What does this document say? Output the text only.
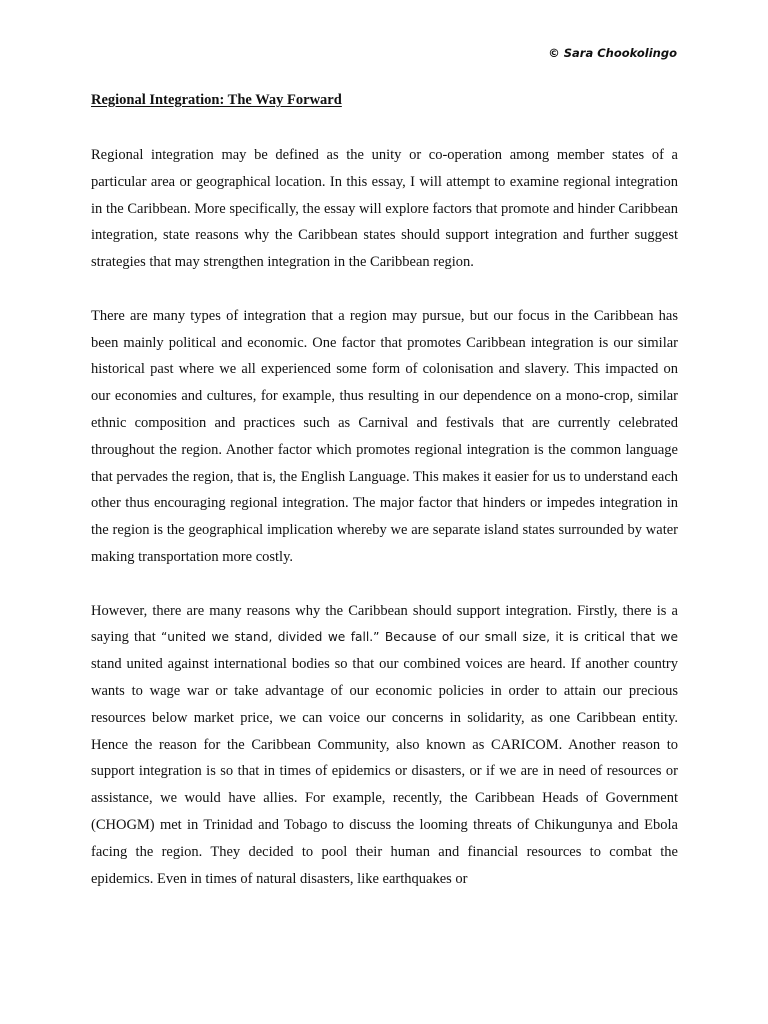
© Sara Chookolingo
Regional Integration: The Way Forward

Regional integration may be defined as the unity or co-operation among member states of a particular area or geographical location. In this essay, I will attempt to examine regional integration in the Caribbean. More specifically, the essay will explore factors that promote and hinder Caribbean integration, state reasons why the Caribbean states should support integration and further suggest strategies that may strengthen integration in the Caribbean region.

There are many types of integration that a region may pursue, but our focus in the Caribbean has been mainly political and economic. One factor that promotes Caribbean integration is our similar historical past where we all experienced some form of colonisation and slavery. This impacted on our economies and cultures, for example, thus resulting in our dependence on a mono-crop, similar ethnic composition and practices such as Carnival and festivals that are currently celebrated throughout the region. Another factor which promotes regional integration is the common language that pervades the region, that is, the English Language. This makes it easier for us to understand each other thus encouraging regional integration. The major factor that hinders or impedes integration in the region is the geographical implication whereby we are separate island states surrounded by water making transportation more costly.

However, there are many reasons why the Caribbean should support integration. Firstly, there is a saying that “united we stand, divided we fall.” Because of our small size, it is critical that we stand united against international bodies so that our combined voices are heard. If another country wants to wage war or take advantage of our economic policies in order to attain our precious resources below market price, we can voice our concerns in solidarity, as one Caribbean entity. Hence the reason for the Caribbean Community, also known as CARICOM. Another reason to support integration is so that in times of epidemics or disasters, or if we are in need of resources or assistance, we would have allies. For example, recently, the Caribbean Heads of Government (CHOGM) met in Trinidad and Tobago to discuss the looming threats of Chikungunya and Ebola facing the region. They decided to pool their human and financial resources to combat the epidemics. Even in times of natural disasters, like earthquakes or
